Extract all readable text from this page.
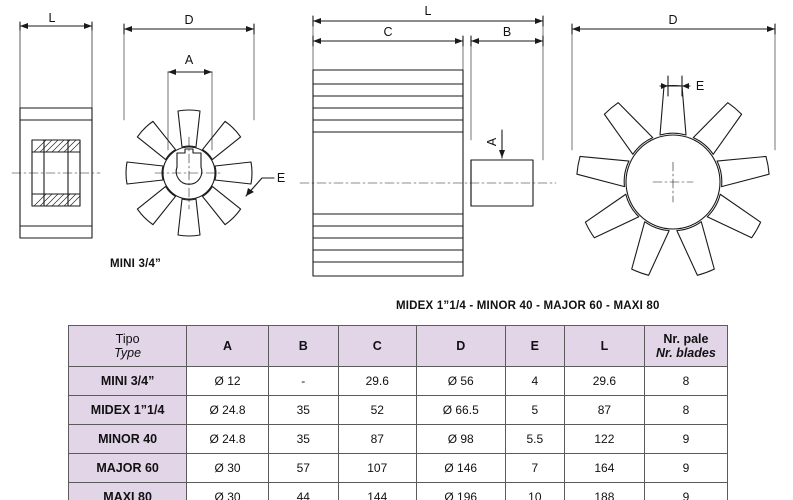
L	D
A
E
L
C	B
A
D
E
MINI 3/4”
MIDEX 1”1/4 - MINOR 40 - MAJOR 60 - MAXI 80
Tipo
Type	A	B	C	D	E	L	Nr. pale
Nr. blades

MINI 3/4”	Ø 12	-	29.6	Ø 56	4	29.6	8
MIDEX 1”1/4	Ø 24.8	35	52	Ø 66.5	5	87	8
MINOR 40	Ø 24.8	35	87	Ø 98	5.5	122	9
MAJOR 60	Ø 30	57	107	Ø 146	7	164	9
MAXI 80	Ø 30	44	144	Ø 196	10	188	9
